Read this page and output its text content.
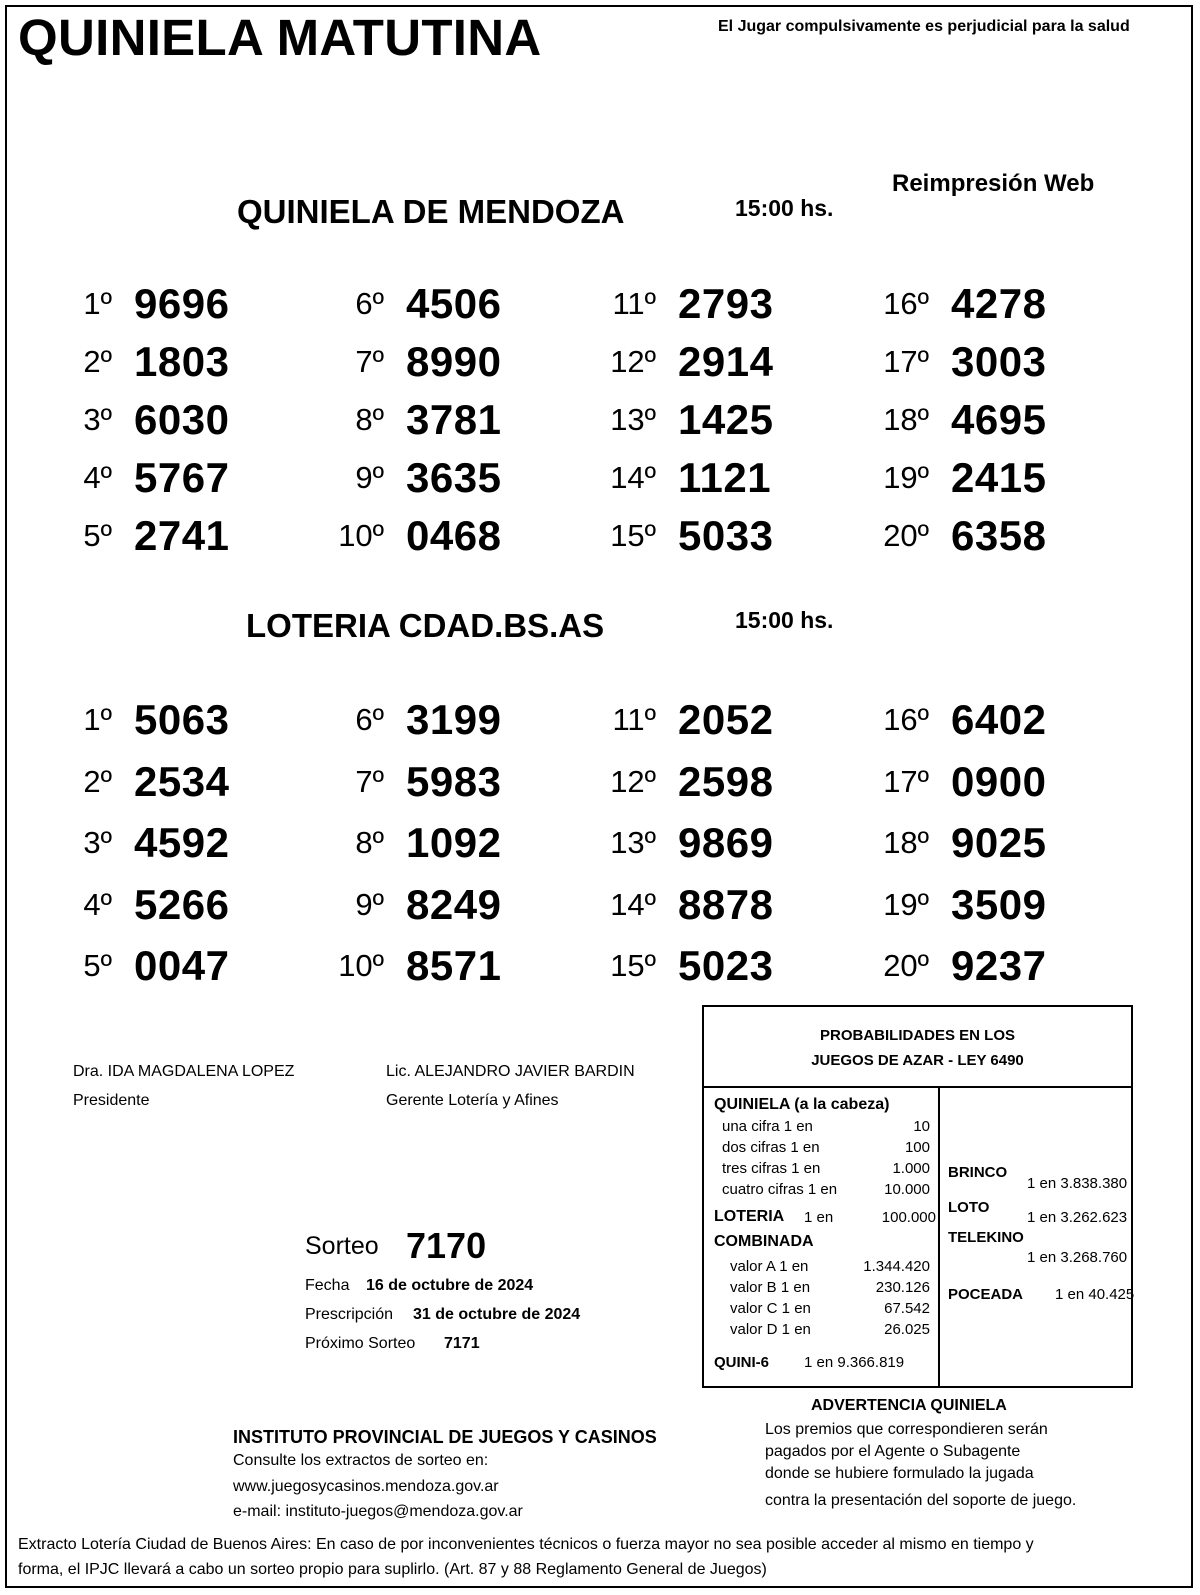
QUINIELA MATUTINA	El Jugar compulsivamente es perjudicial para la salud
Reimpresión Web
QUINIELA DE MENDOZA	15:00 hs.
1º 9696	6º 4506	11º 2793	16º 4278
2º 1803	7º 8990	12º 2914	17º 3003
3º 6030	8º 3781	13º 1425	18º 4695
4º 5767	9º 3635	14º 1121	19º 2415
5º 2741	10º 0468	15º 5033	20º 6358
LOTERIA CDAD.BS.AS	15:00 hs.
1º 5063	6º 3199	11º 2052	16º 6402
2º 2534	7º 5983	12º 2598	17º 0900
3º 4592	8º 1092	13º 9869	18º 9025
4º 5266	9º 8249	14º 8878	19º 3509
5º 0047	10º 8571	15º 5023	20º 9237
Dra. IDA MAGDALENA LOPEZ
Presidente
Lic. ALEJANDRO JAVIER BARDIN
Gerente Lotería y Afines
Sorteo 7170
Fecha 16 de octubre de 2024
Prescripción 31 de octubre de 2024
Próximo Sorteo 7171
PROBABILIDADES EN LOS
JUEGOS DE AZAR - LEY 6490
QUINIELA (a la cabeza)
una cifra 1 en	10
dos cifras 1 en	100
tres cifras 1 en	1.000
cuatro cifras 1 en	10.000
LOTERIA 1 en	100.000
COMBINADA
valor A 1 en	1.344.420
valor B 1 en	230.126
valor C 1 en	67.542
valor D 1 en	26.025
QUINI-6 1 en 9.366.819
BRINCO
1 en 3.838.380
LOTO
1 en 3.262.623
TELEKINO
1 en 3.268.760
POCEADA 1 en 40.425
ADVERTENCIA QUINIELA
Los premios que correspondieren serán
pagados por el Agente o Subagente
donde se hubiere formulado la jugada
contra la presentación del soporte de juego.
INSTITUTO PROVINCIAL DE JUEGOS Y CASINOS
Consulte los extractos de sorteo en:
www.juegosycasinos.mendoza.gov.ar
e-mail: instituto-juegos@mendoza.gov.ar
Extracto Lotería Ciudad de Buenos Aires: En caso de por inconvenientes técnicos o fuerza mayor no sea posible acceder al mismo en tiempo y
forma, el IPJC llevará a cabo un sorteo propio para suplirlo. (Art. 87 y 88 Reglamento General de Juegos)
